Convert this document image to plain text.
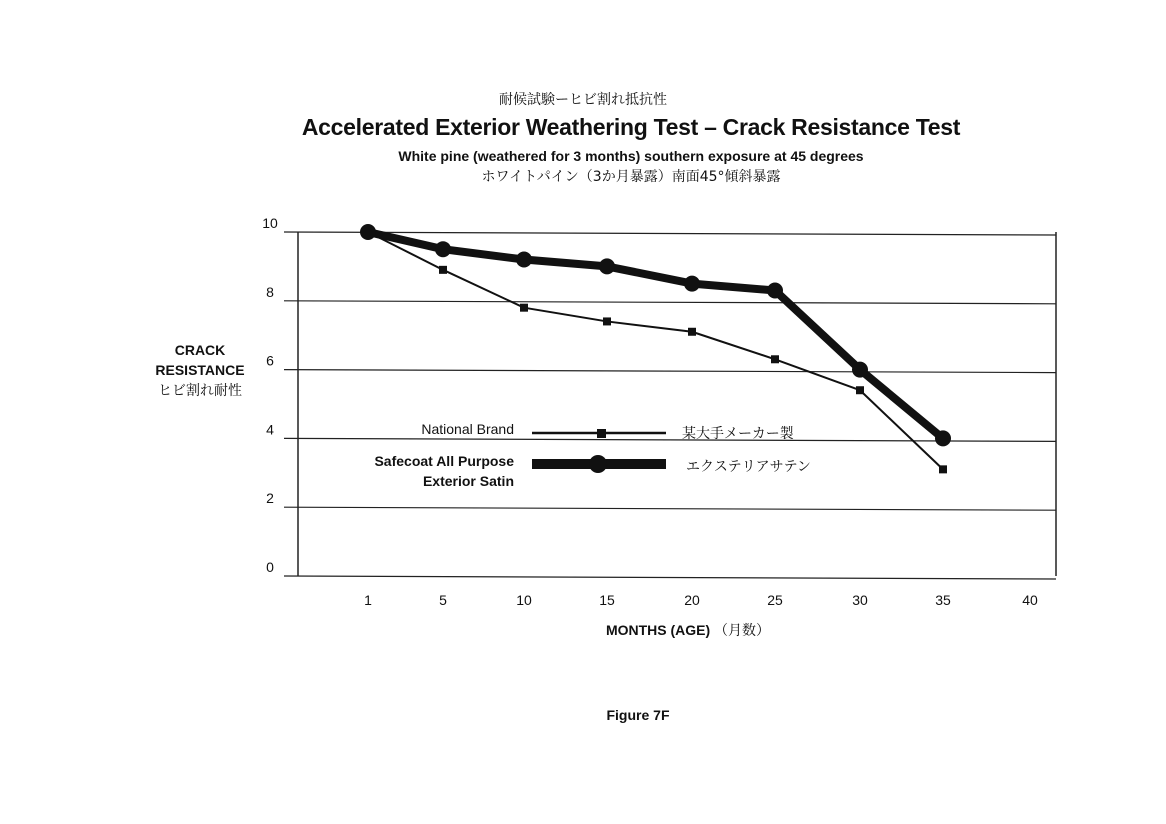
耐候試験ーヒビ割れ抵抗性
Accelerated Exterior Weathering Test – Crack Resistance Test
White pine (weathered for 3 months) southern exposure at 45 degrees
ホワイトパイン（3か月暴露）南面45°傾斜暴露
CRACK
RESISTANCE
ヒビ割れ耐性
MONTHS (AGE) （月数）
Figure 7F
0
2
4
6
8
10
1	5	10	15	20	25	30	35	40
National Brand	某大手メーカー製
Safecoat All Purpose
Exterior Satin
エクステリアサテン
